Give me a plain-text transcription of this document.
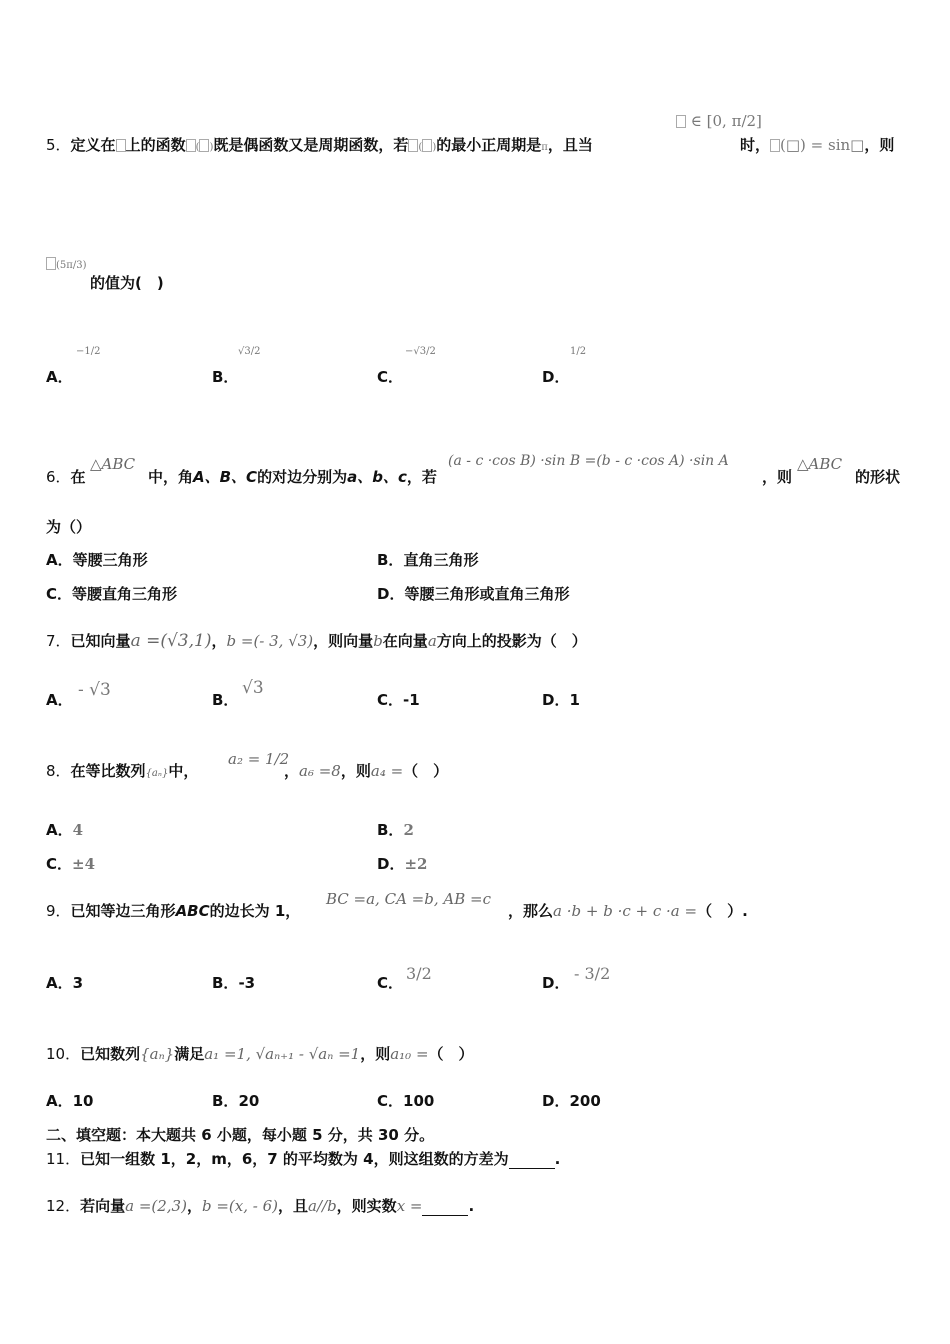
5．定义在 上的函数 ( )既是偶函数又是周期函数，若 ( )的最小正周期是π，且当
∈ [0, π/2]
时， (□) = sin□，则
(5π/3)
的值为(　)
A．
−1/2
B．
√3/2
C．
−√3/2
D．
1/2
6．在
△ABC
中，角A、B、C的对边分别为a、b、c，若
(a - c ·cos B) ·sin B =(b - c ·cos A) ·sin A
，则
△ABC
的形状
为（）
A．等腰三角形	B．直角三角形
C．等腰直角三角形	D．等腰三角形或直角三角形
7．已知向量a =(√3,1)，b =(- 3, √3)，则向量b在向量a方向上的投影为（　）
A． - √3	B．
√3
C．-1	D．1
8．在等比数列{aₙ}中，
a₂ = 1/2
，a₆ =8，则a₄ =（　）
A．4	B．2
C．±4	D．±2
9．已知等边三角形ABC的边长为 1，
BC =a, CA =b, AB =c
，那么a ·b + b ·c + c ·a =（　）.
A．3	B．-3	C． 3/2	D． - 3/2
10．已知数列{aₙ}满足a₁ =1, √aₙ₊₁ - √aₙ =1，则a₁₀ =（　）
A．10	B．20	C．100	D．200
二、填空题：本大题共 6 小题，每小题 5 分，共 30 分。
11．已知一组数 1，2，m，6，7 的平均数为 4，则这组数的方差为	.
12．若向量a =(2,3)，b =(x, - 6)，且a//b，则实数x =	.
